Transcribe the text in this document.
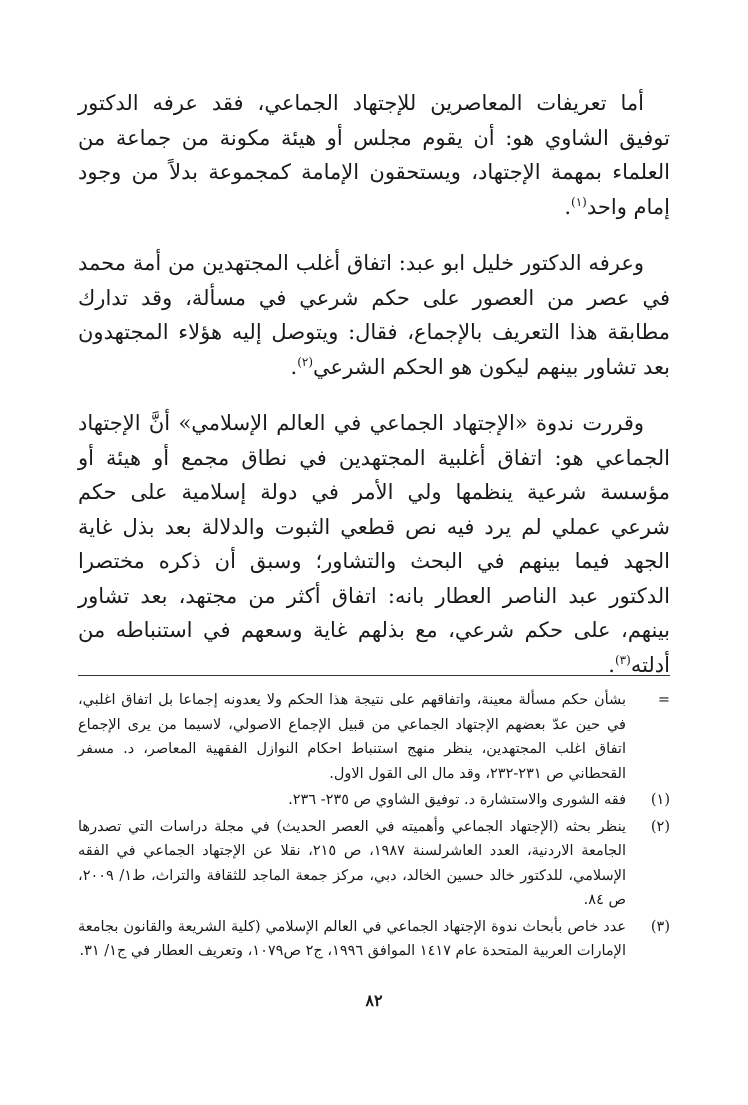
أما تعريفات المعاصرين للإجتهاد الجماعي، فقد عرفه الدكتور توفيق الشاوي هو: أن يقوم مجلس أو هيئة مكونة من جماعة من العلماء بمهمة الإجتهاد، ويستحقون الإمامة كمجموعة بدلاً من وجود إمام واحد$^{(١)}$.

وعرفه الدكتور خليل ابو عبد: اتفاق أغلب المجتهدين من أمة محمد في عصر من العصور على حكم شرعي في مسألة، وقد تدارك مطابقة هذا التعريف بالإجماع، فقال: ويتوصل إليه هؤلاء المجتهدون بعد تشاور بينهم ليكون هو الحكم الشرعي$^{(٢)}$.

وقررت ندوة «الإجتهاد الجماعي في العالم الإسلامي» أنَّ الإجتهاد الجماعي هو: اتفاق أغلبية المجتهدين في نطاق مجمع أو هيئة أو مؤسسة شرعية ينظمها ولي الأمر في دولة إسلامية على حكم شرعي عملي لم يرد فيه نص قطعي الثبوت والدلالة بعد بذل غاية الجهد فيما بينهم في البحث والتشاور؛ وسبق أن ذكره مختصرا الدكتور عبد الناصر العطار بانه: اتفاق أكثر من مجتهد، بعد تشاور بينهم، على حكم شرعي، مع بذلهم غاية وسعهم في استنباطه من أدلته$^{(٣)}$.

=
بشأن حكم مسألة معينة، واتفاقهم على نتيجة هذا الحكم ولا يعدونه إجماعا بل اتفاق اغلبي، في حين عدّ بعضهم الإجتهاد الجماعي من قبيل الإجماع الاصولي، لاسيما من يرى الإجماع اتفاق اغلب المجتهدين، ينظر منهج استنباط احكام النوازل الفقهية المعاصر، د. مسفر القحطاني ص ٢٣١-٢٣٢، وقد مال الى القول الاول.
(١)
فقه الشورى والاستشارة د. توفيق الشاوي ص ٢٣٥- ٢٣٦.
(٢)
ينظر بحثه (الإجتهاد الجماعي وأهميته في العصر الحديث) في مجلة دراسات التي تصدرها الجامعة الاردنية، العدد العاشرلسنة ١٩٨٧، ص ٢١٥، نقلا عن الإجتهاد الجماعي في الفقه الإسلامي، للدكتور خالد حسين الخالد، دبي، مركز جمعة الماجد للثقافة والتراث، ط١/ ٢٠٠٩، ص ٨٤.
(٣)
عدد خاص بأبحاث ندوة الإجتهاد الجماعي في العالم الإسلامي (كلية الشريعة والقانون بجامعة الإمارات العربية المتحدة عام ١٤١٧ الموافق ١٩٩٦، ج٢ ص١٠٧٩، وتعريف العطار في ج١/ ٣١.
٨٢
